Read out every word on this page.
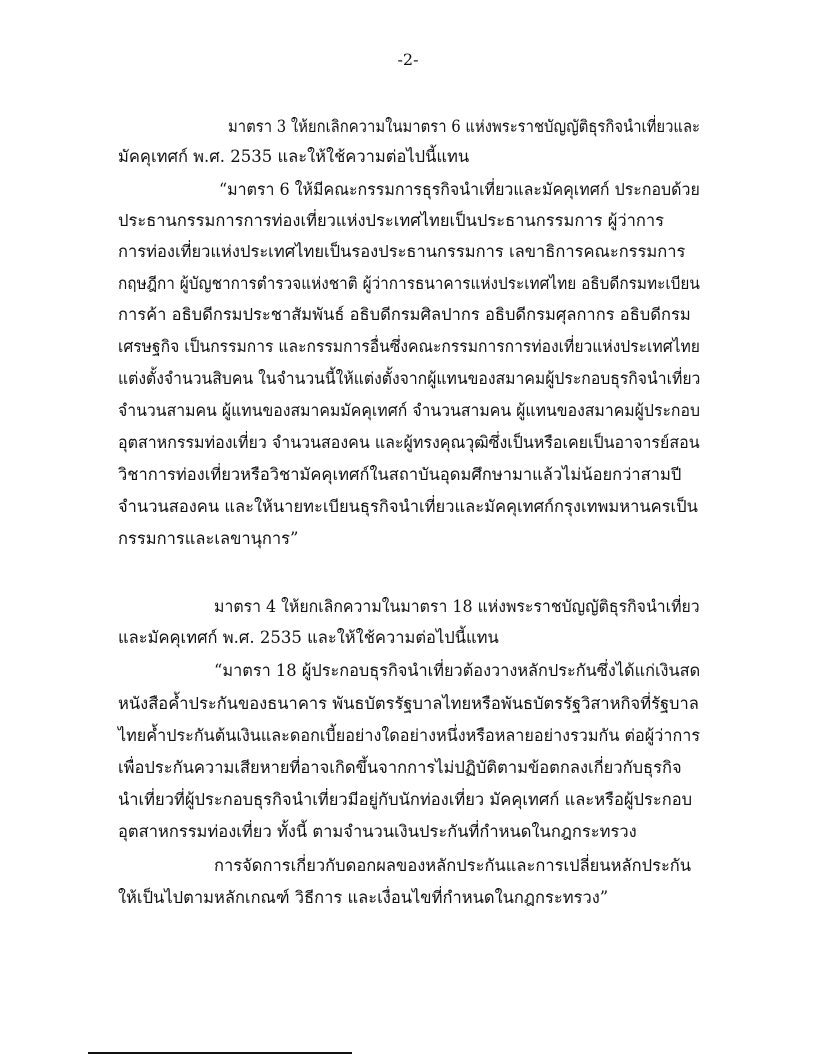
-2-
มาตรา 3 ให้ยกเลิกความในมาตรา 6 แห่งพระราชบัญญัติธุรกิจนำเที่ยวและ
มัคคุเทศก์ พ.ศ. 2535 และให้ใช้ความต่อไปนี้แทน
“มาตรา 6 ให้มีคณะกรรมการธุรกิจนำเที่ยวและมัคคุเทศก์ ประกอบด้วย
ประธานกรรมการการท่องเที่ยวแห่งประเทศไทยเป็นประธานกรรมการ ผู้ว่าการ
การท่องเที่ยวแห่งประเทศไทยเป็นรองประธานกรรมการ เลขาธิการคณะกรรมการ
กฤษฎีกา ผู้บัญชาการตำรวจแห่งชาติ ผู้ว่าการธนาคารแห่งประเทศไทย อธิบดีกรมทะเบียน
การค้า อธิบดีกรมประชาสัมพันธ์ อธิบดีกรมศิลปากร อธิบดีกรมศุลกากร อธิบดีกรม
เศรษฐกิจ เป็นกรรมการ และกรรมการอื่นซึ่งคณะกรรมการการท่องเที่ยวแห่งประเทศไทย
แต่งตั้งจำนวนสิบคน ในจำนวนนี้ให้แต่งตั้งจากผู้แทนของสมาคมผู้ประกอบธุรกิจนำเที่ยว
จำนวนสามคน ผู้แทนของสมาคมมัคคุเทศก์ จำนวนสามคน ผู้แทนของสมาคมผู้ประกอบ
อุตสาหกรรมท่องเที่ยว จำนวนสองคน และผู้ทรงคุณวุฒิซึ่งเป็นหรือเคยเป็นอาจารย์สอน
วิชาการท่องเที่ยวหรือวิชามัคคุเทศก์ในสถาบันอุดมศึกษามาแล้วไม่น้อยกว่าสามปี
จำนวนสองคน และให้นายทะเบียนธุรกิจนำเที่ยวและมัคคุเทศก์กรุงเทพมหานครเป็น
กรรมการและเลขานุการ”
มาตรา 4 ให้ยกเลิกความในมาตรา 18 แห่งพระราชบัญญัติธุรกิจนำเที่ยว
และมัคคุเทศก์ พ.ศ. 2535 และให้ใช้ความต่อไปนี้แทน
“มาตรา 18 ผู้ประกอบธุรกิจนำเที่ยวต้องวางหลักประกันซึ่งได้แก่เงินสด
หนังสือค้ำประกันของธนาคาร พันธบัตรรัฐบาลไทยหรือพันธบัตรรัฐวิสาหกิจที่รัฐบาล
ไทยค้ำประกันต้นเงินและดอกเบี้ยอย่างใดอย่างหนึ่งหรือหลายอย่างรวมกัน ต่อผู้ว่าการ
เพื่อประกันความเสียหายที่อาจเกิดขึ้นจากการไม่ปฏิบัติตามข้อตกลงเกี่ยวกับธุรกิจ
นำเที่ยวที่ผู้ประกอบธุรกิจนำเที่ยวมีอยู่กับนักท่องเที่ยว มัคคุเทศก์ และหรือผู้ประกอบ
อุตสาหกรรมท่องเที่ยว ทั้งนี้ ตามจำนวนเงินประกันที่กำหนดในกฎกระทรวง
การจัดการเกี่ยวกับดอกผลของหลักประกันและการเปลี่ยนหลักประกัน
ให้เป็นไปตามหลักเกณฑ์ วิธีการ และเงื่อนไขที่กำหนดในกฎกระทรวง”
